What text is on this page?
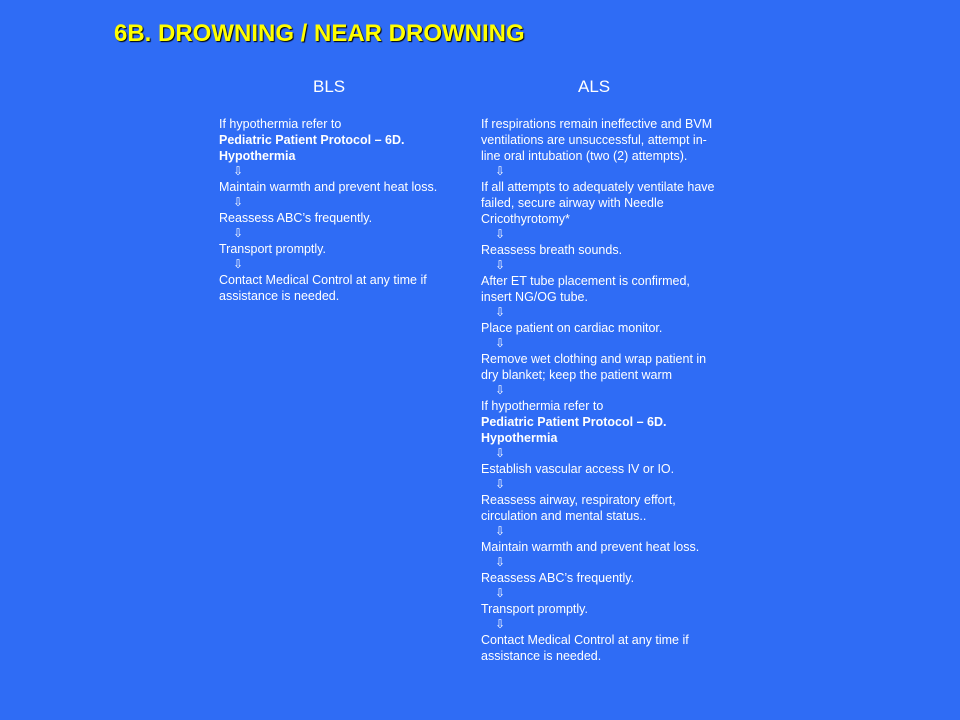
6B. DROWNING / NEAR DROWNING
BLS	ALS

If hypothermia refer to
Pediatric Patient Protocol – 6D. Hypothermia

⇩

Maintain warmth and prevent heat loss.

⇩

Reassess ABC’s frequently.

⇩

Transport promptly.

⇩

Contact Medical Control at any time if assistance is needed.

If respirations remain ineffective and BVM ventilations are unsuccessful, attempt in-line oral intubation (two (2) attempts).

⇩

If all attempts to adequately ventilate have failed, secure airway with Needle Cricothyrotomy*

⇩

Reassess breath sounds.

⇩

After ET tube placement is confirmed, insert NG/OG tube.

⇩

Place patient on cardiac monitor.

⇩

Remove wet clothing and wrap patient in dry blanket; keep the patient warm

⇩

If hypothermia refer to
Pediatric Patient Protocol – 6D. Hypothermia

⇩

Establish vascular access IV or IO.

⇩

Reassess airway, respiratory effort, circulation and mental status..

⇩

Maintain warmth and prevent heat loss.

⇩

Reassess ABC’s frequently.

⇩

Transport promptly.

⇩

Contact Medical Control at any time if assistance is needed.
